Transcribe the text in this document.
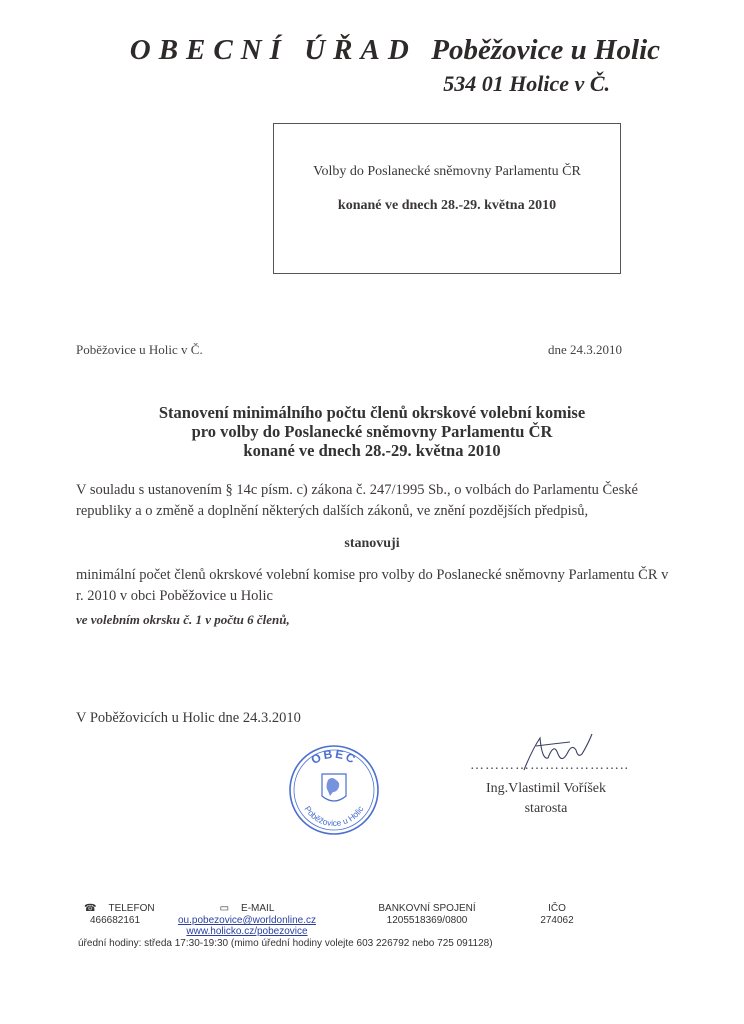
OBECNÍ ÚŘAD Poběžovice u Holic
534 01 Holice v Č.
Volby do Poslanecké sněmovny Parlamentu ČR
konané ve dnech 28.-29. května 2010
Poběžovice u Holic v Č.	dne 24.3.2010
Stanovení minimálního počtu členů okrskové volební komise
pro volby do Poslanecké sněmovny Parlamentu ČR
konané ve dnech 28.-29. května 2010
V souladu s ustanovením § 14c písm. c) zákona č. 247/1995 Sb., o volbách do Parlamentu České republiky a o změně a doplnění některých dalších zákonů, ve znění pozdějších předpisů,
stanovuji
minimální počet členů okrskové volební komise pro volby do Poslanecké sněmovny Parlamentu ČR v r. 2010 v obci Poběžovice u Holic
ve volebním okrsku č. 1 v počtu 6 členů,
V Poběžovicích u Holic dne 24.3.2010
OBEC
Poběžovice u Holic
…………………………..
Ing.Vlastimil Voříšek
starosta
☎ TELEFON
466682161
▭ E-MAIL
ou.pobezovice@worldonline.cz
www.holicko.cz/pobezovice
BANKOVNÍ SPOJENÍ
1205518369/0800
IČO
274062
úřední hodiny: středa 17:30-19:30 (mimo úřední hodiny volejte 603 226792 nebo 725 091128)
